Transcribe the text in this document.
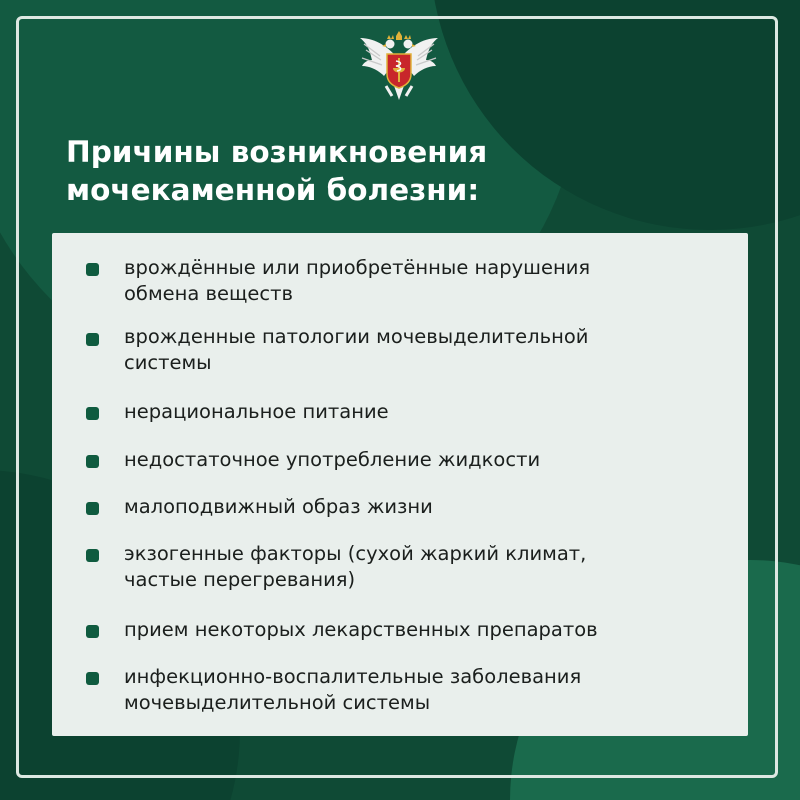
Причины возникновения
мочекаменной болезни:
врождённые или приобретённые нарушения
обмена веществ
врожденные патологии мочевыделительной
системы
нерациональное питание
недостаточное употребление жидкости
малоподвижный образ жизни
экзогенные факторы (сухой жаркий климат,
частые перегревания)
прием некоторых лекарственных препаратов
инфекционно-воспалительные заболевания
мочевыделительной системы
